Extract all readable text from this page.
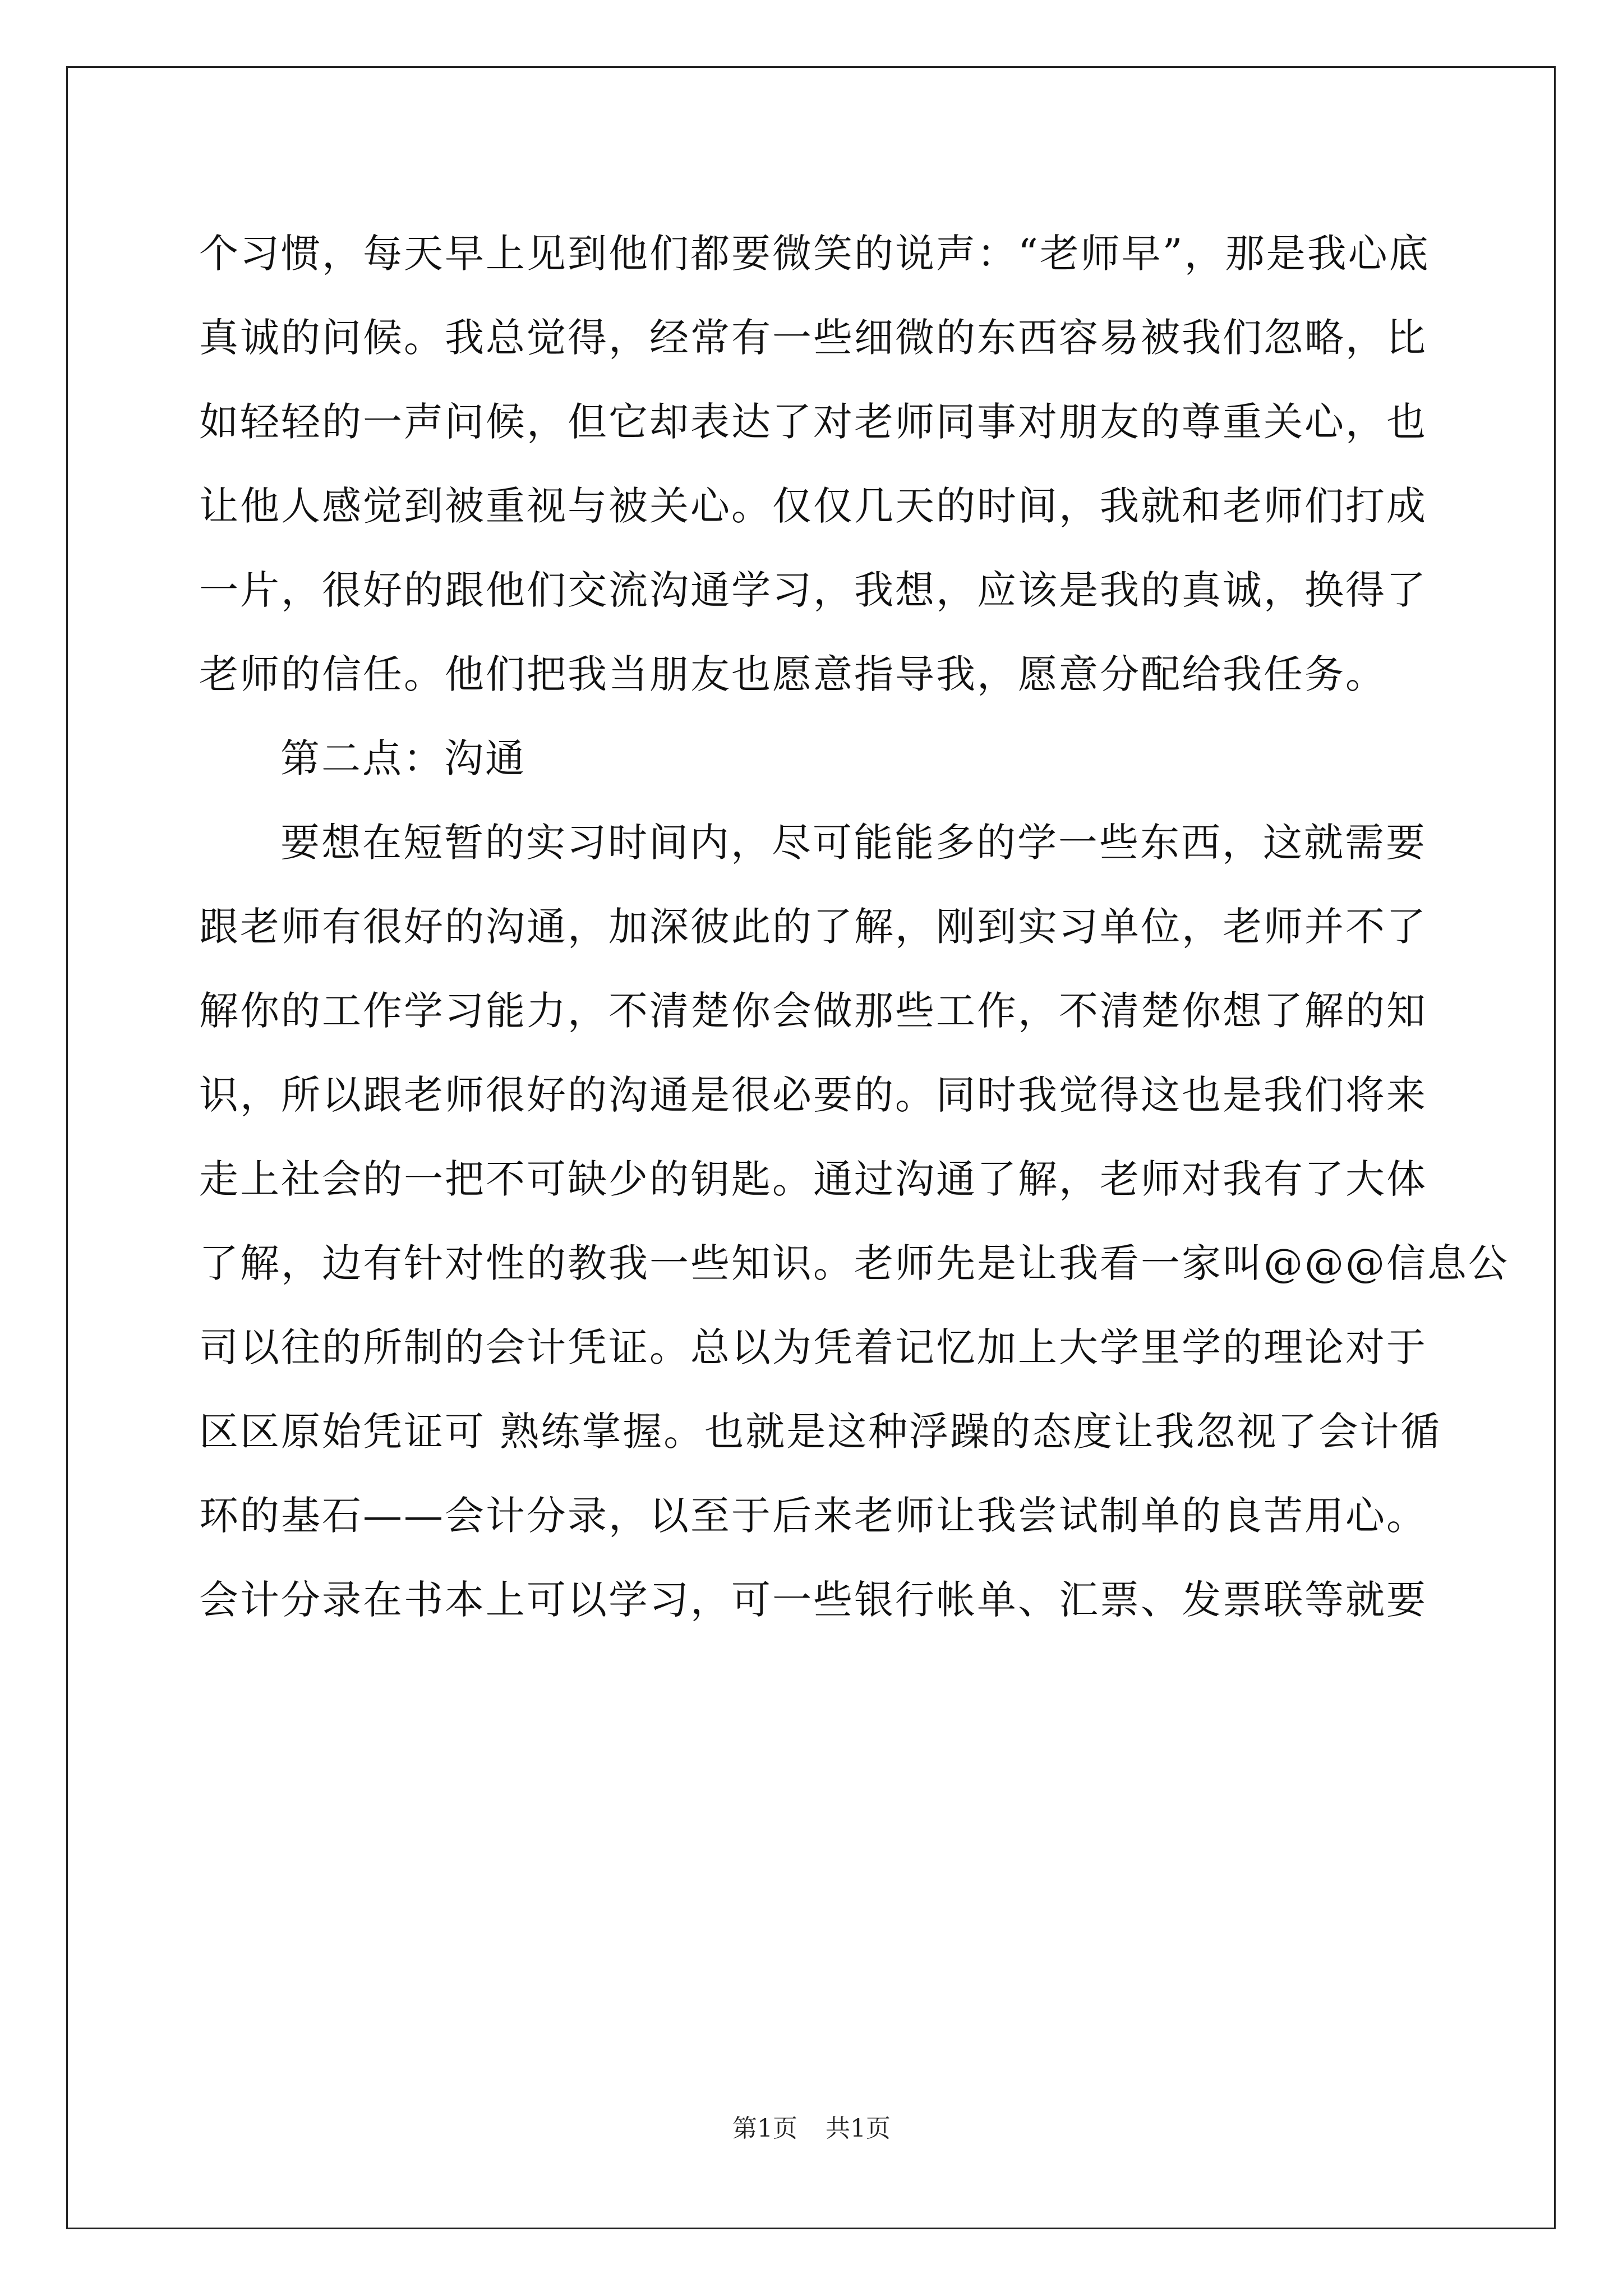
个习惯，每天早上见到他们都要微笑的说声：“老师早”，那是我心底
真诚的问候。我总觉得，经常有一些细微的东西容易被我们忽略，比
如轻轻的一声问候，但它却表达了对老师同事对朋友的尊重关心，也
让他人感觉到被重视与被关心。仅仅几天的时间，我就和老师们打成
一片，很好的跟他们交流沟通学习，我想，应该是我的真诚，换得了
老师的信任。他们把我当朋友也愿意指导我，愿意分配给我任务。
第二点：沟通
要想在短暂的实习时间内，尽可能能多的学一些东西，这就需要
跟老师有很好的沟通，加深彼此的了解，刚到实习单位，老师并不了
解你的工作学习能力，不清楚你会做那些工作，不清楚你想了解的知
识，所以跟老师很好的沟通是很必要的。同时我觉得这也是我们将来
走上社会的一把不可缺少的钥匙。通过沟通了解，老师对我有了大体
了解，边有针对性的教我一些知识。老师先是让我看一家叫@@@信息公
司以往的所制的会计凭证。总以为凭着记忆加上大学里学的理论对于
区区原始凭证可 熟练掌握。也就是这种浮躁的态度让我忽视了会计循
环的基石——会计分录，以至于后来老师让我尝试制单的良苦用心。
会计分录在书本上可以学习，可一些银行帐单、汇票、发票联等就要
第1页 共1页
